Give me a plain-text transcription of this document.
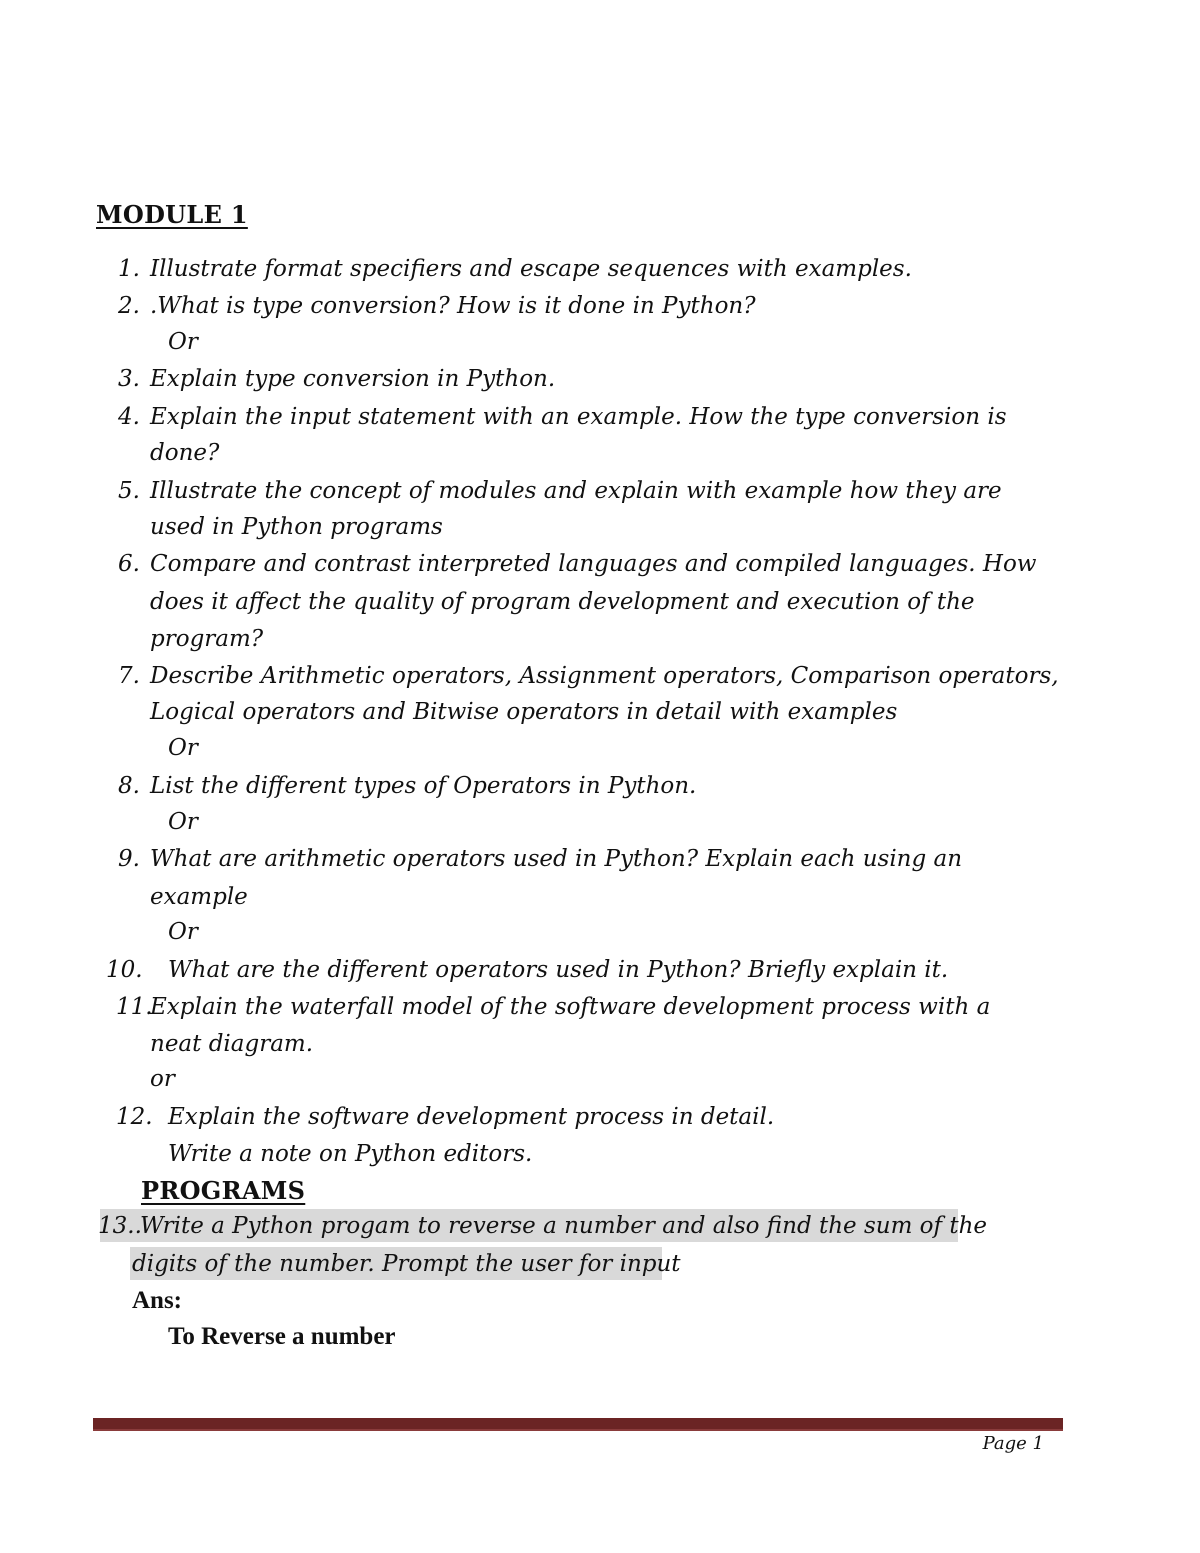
MODULE 1
1. Illustrate format specifiers and escape sequences with examples.
2. .What is type conversion? How is it done in Python?
Or
3. Explain type conversion in Python.
4. Explain the input statement with an example. How the type conversion is
done?
5. Illustrate the concept of modules and explain with example how they are
used in Python programs
6. Compare and contrast interpreted languages and compiled languages. How
does it affect the quality of program development and execution of the
program?
7. Describe Arithmetic operators, Assignment operators, Comparison operators,
Logical operators and Bitwise operators in detail with examples
Or
8. List the different types of Operators in Python.
Or
9. What are arithmetic operators used in Python? Explain each using an
example
Or
10.	What are the different operators used in Python? Briefly explain it.
11.
Explain the waterfall model of the software development process with a
neat diagram.
or
12. Explain the software development process in detail.
Write a note on Python editors.
PROGRAMS
13..
Write a Python progam to reverse a number and also find the sum of the
digits of the number. Prompt the user for input
Ans:
To Reverse a number
Page 1
